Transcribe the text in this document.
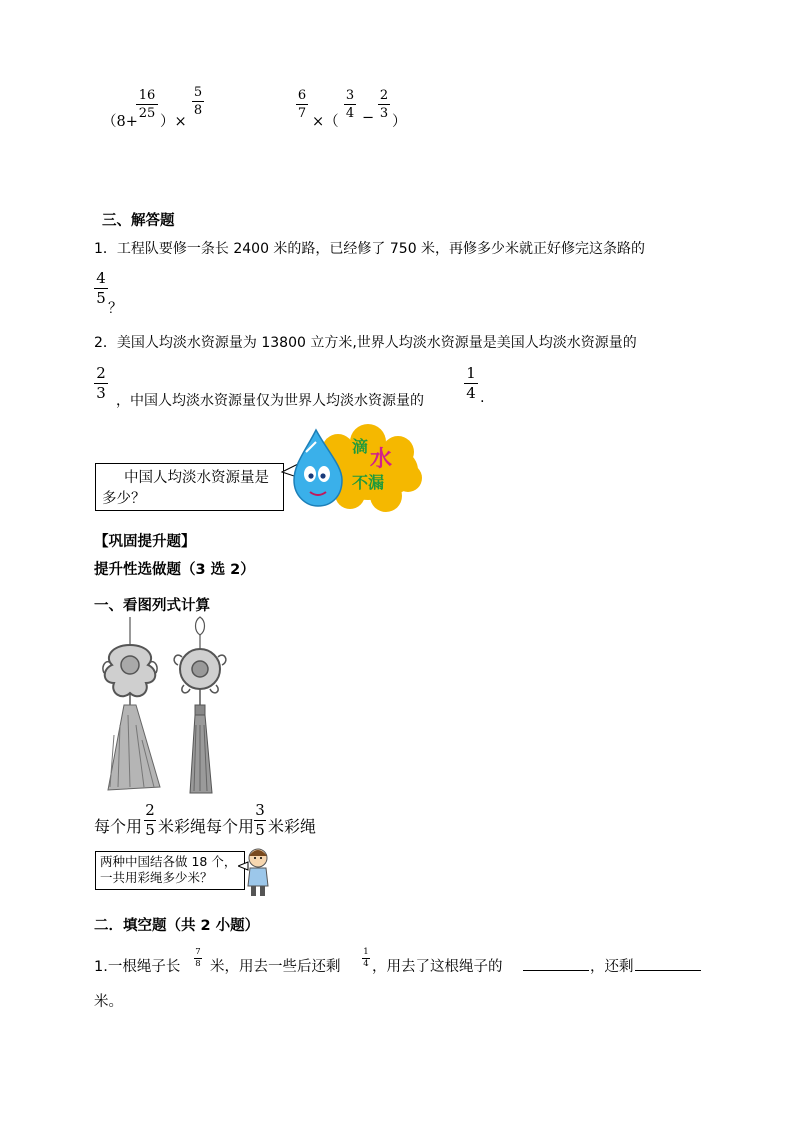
（8+
16
25
）×
5
8
6
7
×（
3
4 −
2
3
）
三、解答题
1．工程队要修一条长 2400 米的路，已经修了 750 米，再修多少米就正好修完这条路的
4
5
？
2．美国人均淡水资源量为 13800 立方米,世界人均淡水资源量是美国人均淡水资源量的
2
3 ，中国人均淡水资源量仅为世界人均淡水资源量的
1
4 .
中国人均淡水资源量是多少？
滴 水
不漏
【巩固提升题】
提升性选做题（3 选 2）
一、看图列式计算
每个用
2
5 米彩绳每个用
3
5 米彩绳
两种中国结各做 18 个，一共用彩绳多少米？
二．填空题（共 2 小题）
1.一根绳子长
7
8 米，用去一些后还剩
1
4 ，用去了这根绳子的	，还剩
米。
